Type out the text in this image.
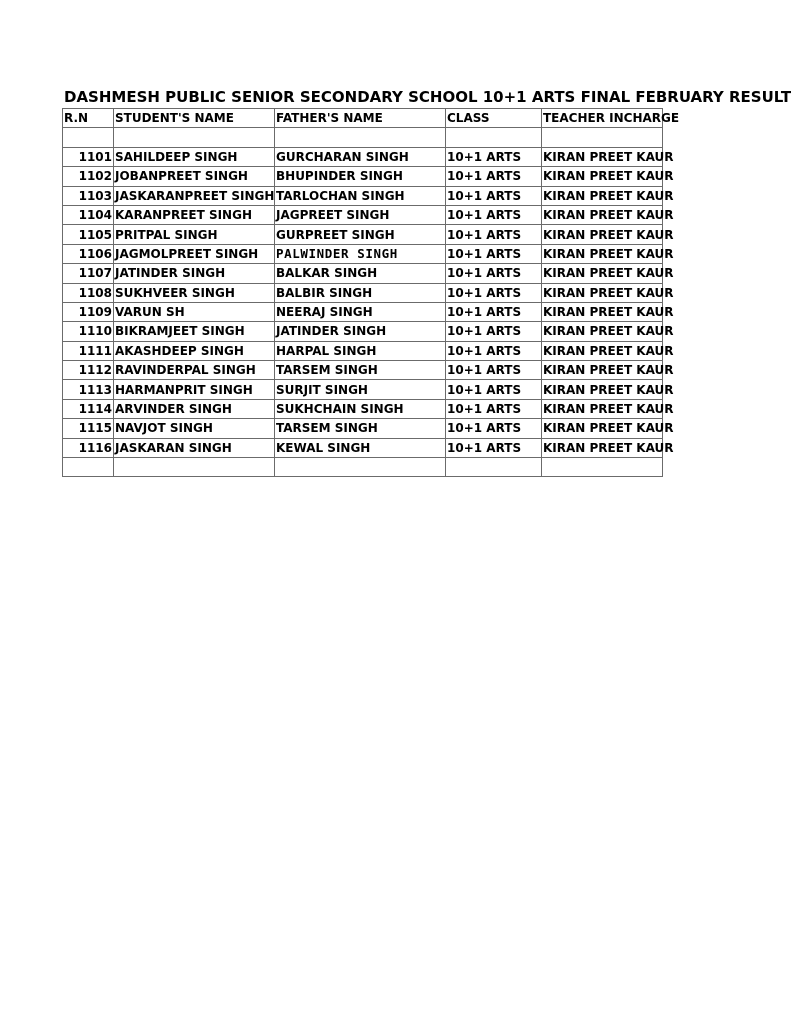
DASHMESH PUBLIC SENIOR SECONDARY SCHOOL 10+1 ARTS FINAL FEBRUARY RESULT
R.N	STUDENT'S NAME	FATHER'S NAME	CLASS	TEACHER INCHARGE

1101	SAHILDEEP SINGH	GURCHARAN SINGH	10+1 ARTS	KIRAN PREET KAUR
1102	JOBANPREET SINGH	BHUPINDER SINGH	10+1 ARTS	KIRAN PREET KAUR
1103	JASKARANPREET SINGH	TARLOCHAN SINGH	10+1 ARTS	KIRAN PREET KAUR
1104	KARANPREET SINGH	JAGPREET SINGH	10+1 ARTS	KIRAN PREET KAUR
1105	PRITPAL SINGH	GURPREET SINGH	10+1 ARTS	KIRAN PREET KAUR
1106	JAGMOLPREET SINGH	PALWINDER SINGH	10+1 ARTS	KIRAN PREET KAUR
1107	JATINDER SINGH	BALKAR SINGH	10+1 ARTS	KIRAN PREET KAUR
1108	SUKHVEER SINGH	BALBIR SINGH	10+1 ARTS	KIRAN PREET KAUR
1109	VARUN SH	NEERAJ SINGH	10+1 ARTS	KIRAN PREET KAUR
1110	BIKRAMJEET SINGH	JATINDER SINGH	10+1 ARTS	KIRAN PREET KAUR
1111	AKASHDEEP SINGH	HARPAL SINGH	10+1 ARTS	KIRAN PREET KAUR
1112	RAVINDERPAL SINGH	TARSEM SINGH	10+1 ARTS	KIRAN PREET KAUR
1113	HARMANPRIT SINGH	SURJIT SINGH	10+1 ARTS	KIRAN PREET KAUR
1114	ARVINDER SINGH	SUKHCHAIN SINGH	10+1 ARTS	KIRAN PREET KAUR
1115	NAVJOT SINGH	TARSEM SINGH	10+1 ARTS	KIRAN PREET KAUR
1116	JASKARAN SINGH	KEWAL SINGH	10+1 ARTS	KIRAN PREET KAUR
